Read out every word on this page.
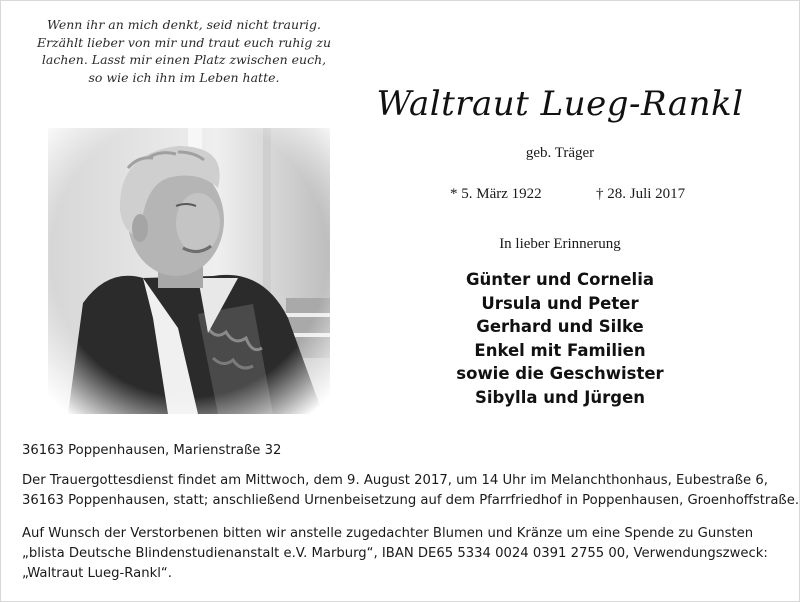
Wenn ihr an mich denkt, seid nicht traurig.
Erzählt lieber von mir und traut euch ruhig zu
lachen. Lasst mir einen Platz zwischen euch,
so wie ich ihn im Leben hatte.
Waltraut Lueg-Rankl
geb. Träger
* 5. März 1922	† 28. Juli 2017
In lieber Erinnerung
Günter und Cornelia
Ursula und Peter
Gerhard und Silke
Enkel mit Familien
sowie die Geschwister
Sibylla und Jürgen
36163 Poppenhausen, Marienstraße 32
Der Trauergottesdienst findet am Mittwoch, dem 9. August 2017, um 14 Uhr im Melanchthonhaus, Eubestraße 6,
36163 Poppenhausen, statt; anschließend Urnenbeisetzung auf dem Pfarrfriedhof in Poppenhausen, Groenhoffstraße.
Auf Wunsch der Verstorbenen bitten wir anstelle zugedachter Blumen und Kränze um eine Spende zu Gunsten
„blista Deutsche Blindenstudienanstalt e.V. Marburg“, IBAN DE65 5334 0024 0391 2755 00, Verwendungszweck:
„Waltraut Lueg-Rankl“.
